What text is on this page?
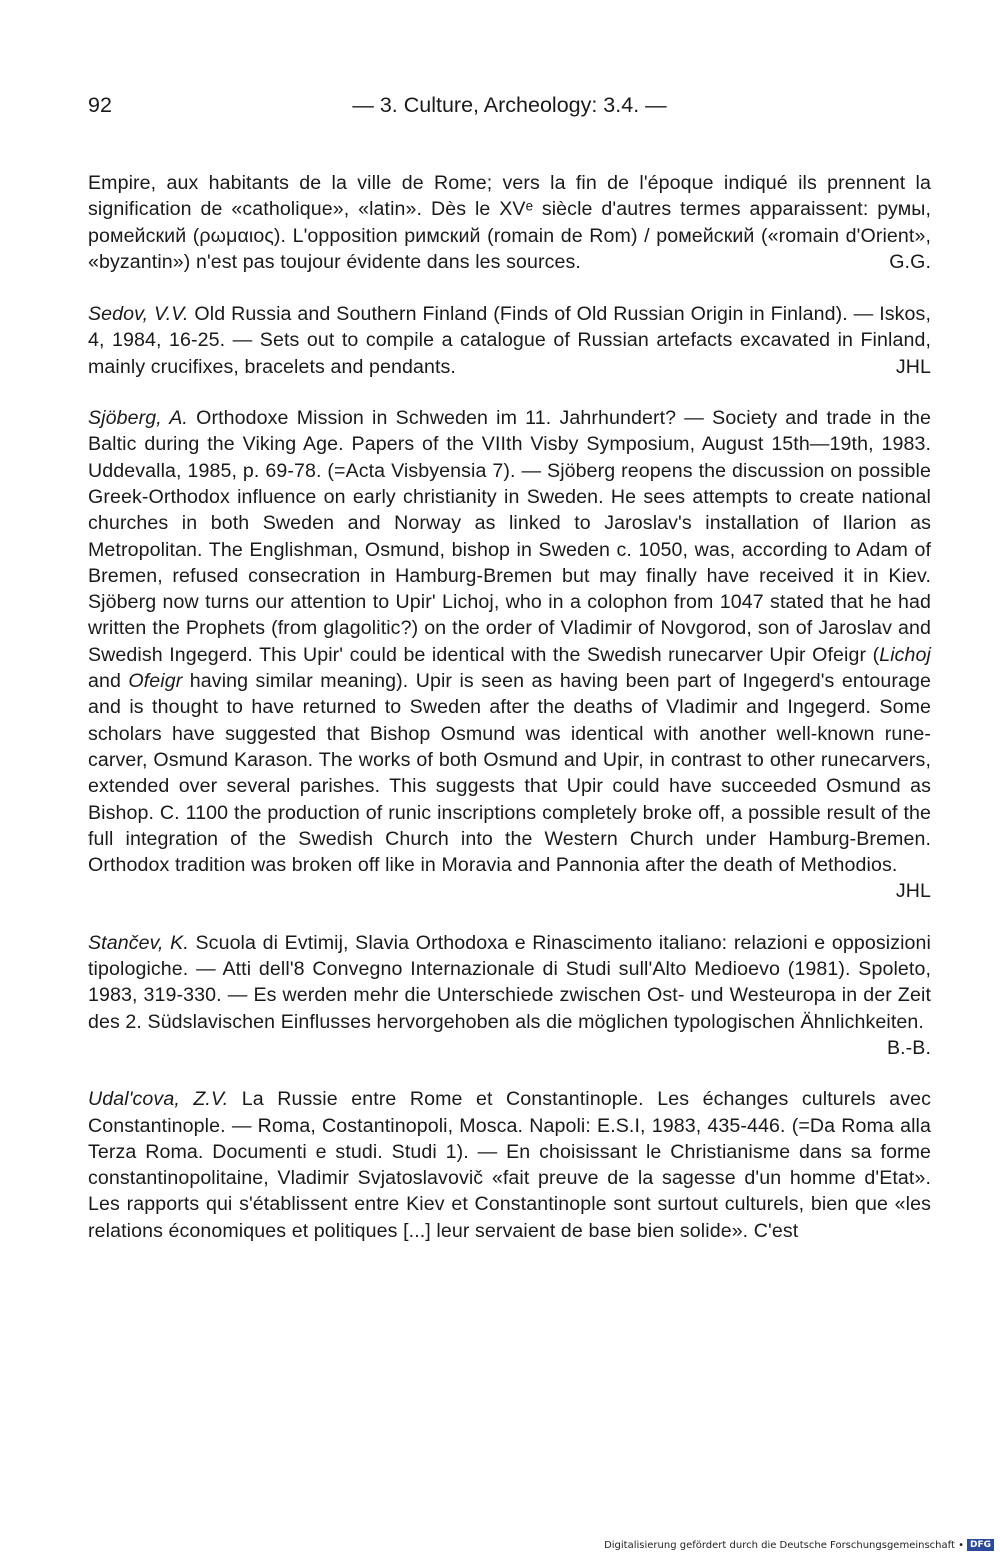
92	— 3. Culture, Archeology: 3.4. —

Empire, aux habitants de la ville de Rome; vers la fin de l'époque indiqué ils prennent la signification de «catholique», «latin». Dès le XVᵉ siècle d'autres termes apparaissent: румы, ромейский (ρωμαιος). L'opposition римский (romain de Rom) / ромейский («romain d'Orient», «byzantin») n'est pas toujour évidente dans les sources.	G.G.

Sedov, V.V. Old Russia and Southern Finland (Finds of Old Russian Origin in Finland). — Iskos, 4, 1984, 16-25. — Sets out to compile a catalogue of Russian artefacts excavated in Finland, mainly crucifixes, bracelets and pendants.	JHL

Sjöberg, A. Orthodoxe Mission in Schweden im 11. Jahrhundert? — Society and trade in the Baltic during the Viking Age. Papers of the VIIth Visby Symposium, August 15th—19th, 1983. Uddevalla, 1985, p. 69-78. (=Acta Visbyensia 7). — Sjöberg reopens the discussion on possible Greek-Orthodox influence on early christianity in Sweden. He sees attempts to create national churches in both Sweden and Norway as linked to Jaroslav's installation of Ilarion as Metropolitan. The Englishman, Osmund, bishop in Sweden c. 1050, was, according to Adam of Bremen, refused consecration in Hamburg-Bremen but may finally have received it in Kiev. Sjöberg now turns our attention to Upir' Lichoj, who in a colophon from 1047 stated that he had written the Prophets (from glagolitic?) on the order of Vladimir of Novgorod, son of Jaroslav and Swedish Ingegerd. This Upir' could be identical with the Swedish runecarver Upir Ofeigr (Lichoj and Ofeigr having similar meaning). Upir is seen as having been part of Ingegerd's entourage and is thought to have returned to Sweden after the deaths of Vladimir and Ingegerd. Some scholars have suggested that Bishop Osmund was identical with another well-known rune-carver, Osmund Karason. The works of both Osmund and Upir, in contrast to other runecarvers, extended over several parishes. This suggests that Upir could have succeeded Osmund as Bishop. C. 1100 the production of runic inscriptions completely broke off, a possible result of the full integration of the Swedish Church into the Western Church under Hamburg-Bremen. Orthodox tradition was broken off like in Moravia and Pannonia after the death of Methodios.
JHL

Stančev, K. Scuola di Evtimij, Slavia Orthodoxa e Rinascimento italiano: relazioni e opposizioni tipologiche. — Atti dell'8 Convegno Internazionale di Studi sull'Alto Medioevo (1981). Spoleto, 1983, 319-330. — Es werden mehr die Unterschiede zwischen Ost- und Westeuropa in der Zeit des 2. Südslavischen Einflusses hervorgehoben als die möglichen typologischen Ähnlichkeiten.
B.-B.

Udal'cova, Z.V. La Russie entre Rome et Constantinople. Les échanges culturels avec Constantinople. — Roma, Costantinopoli, Mosca. Napoli: E.S.I, 1983, 435-446. (=Da Roma alla Terza Roma. Documenti e studi. Studi 1). — En choisissant le Christianisme dans sa forme constantinopolitaine, Vladimir Svjatoslavovič «fait preuve de la sagesse d'un homme d'Etat». Les rapports qui s'établissent entre Kiev et Constantinople sont surtout culturels, bien que «les relations économiques et politiques [...] leur servaient de base bien solide». C'est

Digitalisierung gefördert durch die Deutsche Forschungsgemeinschaft • DFG
